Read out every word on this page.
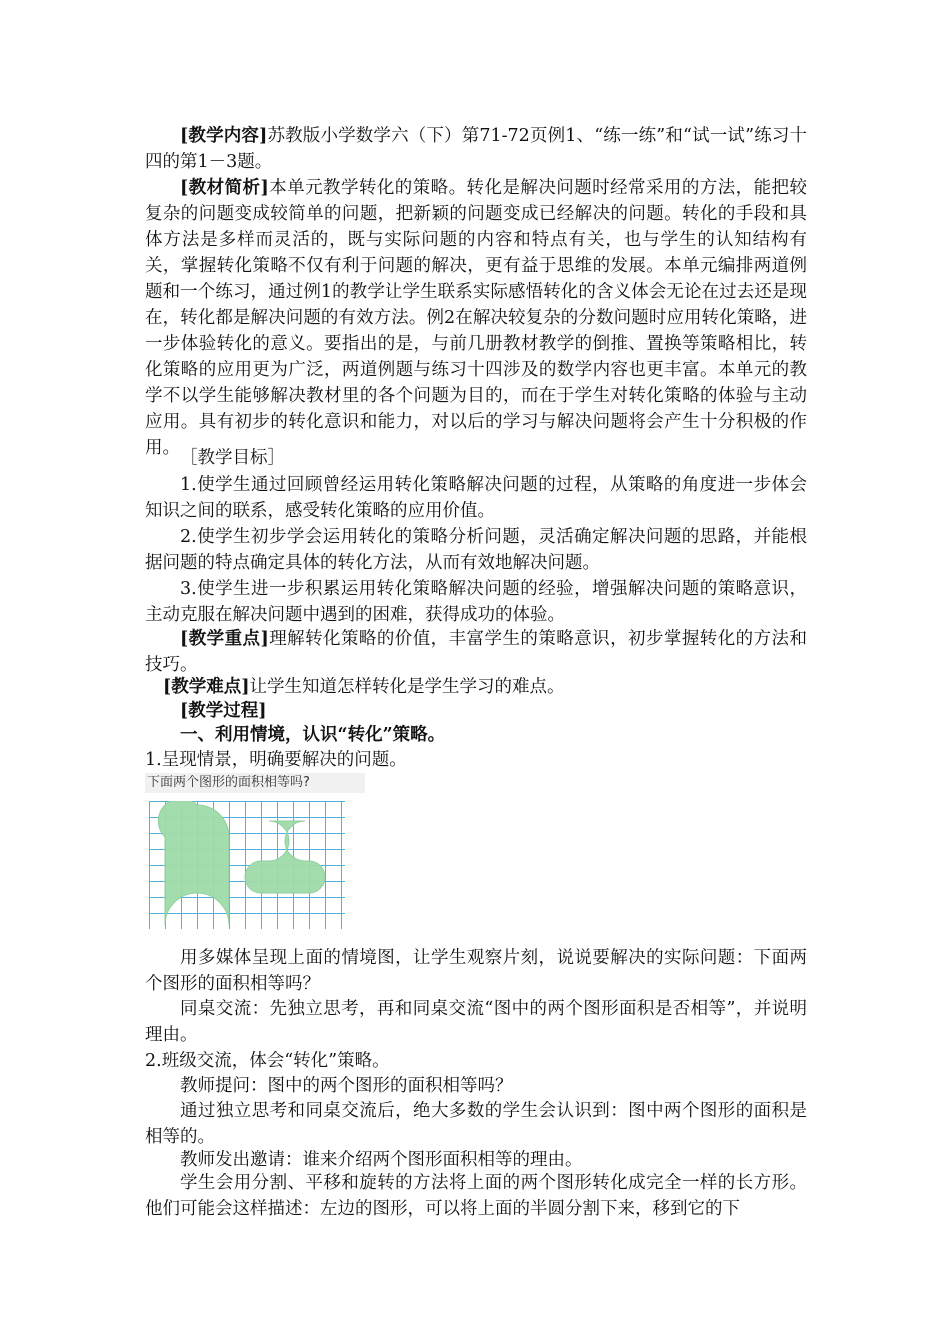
[教学内容]苏教版小学数学六（下）第71-72页例1、“练一练”和“试一试”练习十四的第1－3题。

[教材简析]本单元教学转化的策略。转化是解决问题时经常采用的方法，能把较复杂的问题变成较简单的问题，把新颖的问题变成已经解决的问题。转化的手段和具体方法是多样而灵活的，既与实际问题的内容和特点有关，也与学生的认知结构有关，掌握转化策略不仅有利于问题的解决，更有益于思维的发展。本单元编排两道例题和一个练习，通过例1的教学让学生联系实际感悟转化的含义体会无论在过去还是现在，转化都是解决问题的有效方法。例2在解决较复杂的分数问题时应用转化策略，进一步体验转化的意义。要指出的是，与前几册教材教学的倒推、置换等策略相比，转化策略的应用更为广泛，两道例题与练习十四涉及的数学内容也更丰富。本单元的教学不以学生能够解决教材里的各个问题为目的，而在于学生对转化策略的体验与主动应用。具有初步的转化意识和能力，对以后的学习与解决问题将会产生十分积极的作用。 ［教学目标］

1.使学生通过回顾曾经运用转化策略解决问题的过程，从策略的角度进一步体会知识之间的联系，感受转化策略的应用价值。

2.使学生初步学会运用转化的策略分析问题，灵活确定解决问题的思路，并能根据问题的特点确定具体的转化方法，从而有效地解决问题。

3.使学生进一步积累运用转化策略解决问题的经验，增强解决问题的策略意识，主动克服在解决问题中遇到的困难，获得成功的体验。

[教学重点]理解转化策略的价值，丰富学生的策略意识，初步掌握转化的方法和技巧。

[教学难点]让学生知道怎样转化是学生学习的难点。

[教学过程]

一、利用情境，认识“转化”策略。

1.呈现情景，明确要解决的问题。

下面两个图形的面积相等吗?

用多媒体呈现上面的情境图，让学生观察片刻，说说要解决的实际问题：下面两个图形的面积相等吗？

同桌交流：先独立思考，再和同桌交流“图中的两个图形面积是否相等”，并说明理由。

2.班级交流，体会“转化”策略。

教师提问：图中的两个图形的面积相等吗？

通过独立思考和同桌交流后，绝大多数的学生会认识到：图中两个图形的面积是相等的。

教师发出邀请：谁来介绍两个图形面积相等的理由。

学生会用分割、平移和旋转的方法将上面的两个图形转化成完全一样的长方形。他们可能会这样描述：左边的图形，可以将上面的半圆分割下来，移到它的下
